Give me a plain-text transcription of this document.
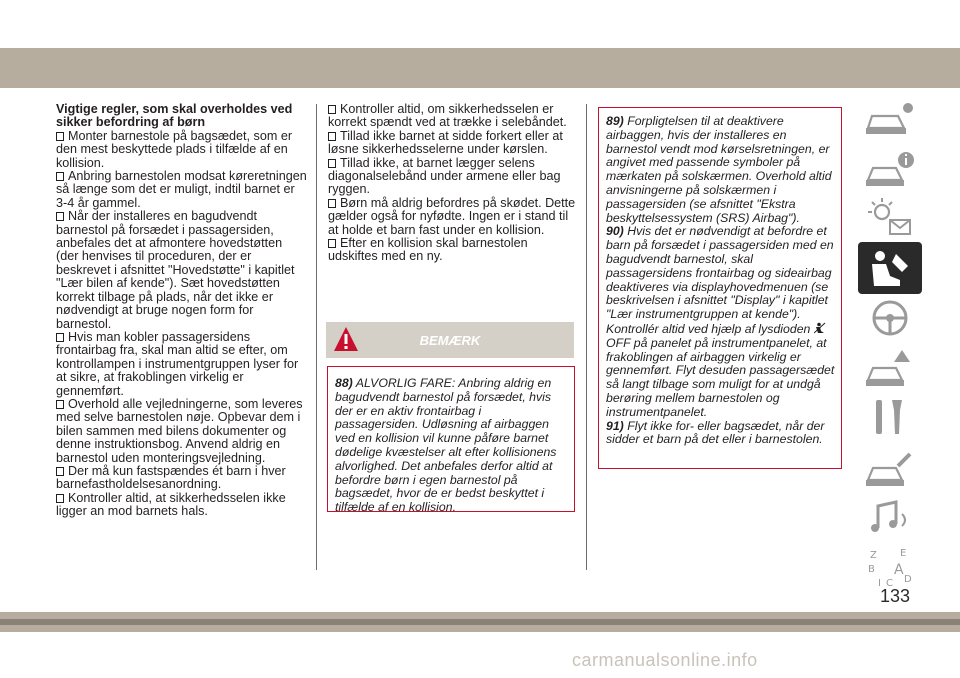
Vigtige regler, som skal overholdes ved sikker befordring af børn

Monter barnestole på bagsædet, som er den mest beskyttede plads i tilfælde af en kollision.

Anbring barnestolen modsat køreretningen så længe som det er muligt, indtil barnet er 3-4 år gammel.

Når der installeres en bagudvendt barnestol på forsædet i passagersiden, anbefales det at afmontere hovedstøtten (der henvises til proceduren, der er beskrevet i afsnittet "Hovedstøtte" i kapitlet "Lær bilen af kende"). Sæt hovedstøtten korrekt tilbage på plads, når det ikke er nødvendigt at bruge nogen form for barnestol.

Hvis man kobler passagersidens frontairbag fra, skal man altid se efter, om kontrollampen i instrumentgruppen lyser for at sikre, at frakoblingen virkelig er gennemført.

Overhold alle vejledningerne, som leveres med selve barnestolen nøje. Opbevar dem i bilen sammen med bilens dokumenter og denne instruktionsbog. Anvend aldrig en barnestol uden monteringsvejledning.

Der må kun fastspændes ét barn i hver barnefastholdelsesanordning.

Kontroller altid, at sikkerhedsselen ikke ligger an mod barnets hals.

Kontroller altid, om sikkerhedsselen er korrekt spændt ved at trække i selebåndet.

Tillad ikke barnet at sidde forkert eller at løsne sikkerhedsselerne under kørslen.

Tillad ikke, at barnet lægger selens diagonalselebånd under armene eller bag ryggen.

Børn må aldrig befordres på skødet. Dette gælder også for nyfødte. Ingen er i stand til at holde et barn fast under en kollision.

Efter en kollision skal barnestolen udskiftes med en ny.

BEMÆRK
88) ALVORLIG FARE: Anbring aldrig en bagudvendt barnestol på forsædet, hvis der er en aktiv frontairbag i passagersiden. Udløsning af airbaggen ved en kollision vil kunne påføre barnet dødelige kvæstelser alt efter kollisionens alvorlighed. Det anbefales derfor altid at befordre børn i egen barnestol på bagsædet, hvor de er bedst beskyttet i tilfælde af en kollision.
89) Forpligtelsen til at deaktivere airbaggen, hvis der installeres en barnestol vendt mod kørselsretningen, er angivet med passende symboler på mærkaten på solskærmen. Overhold altid anvisningerne på solskærmen i passagersiden (se afsnittet "Ekstra beskyttelsessystem (SRS) Airbag").
90) Hvis det er nødvendigt at befordre et barn på forsædet i passagersiden med en bagudvendt barnestol, skal passagersidens frontairbag og sideairbag deaktiveres via displayhovedmenuen (se beskrivelsen i afsnittet "Display" i kapitlet "Lær instrumentgruppen at kende"). Kontrollér altid ved hjælp af lysdioden  OFF på panelet på instrumentpanelet, at frakoblingen af airbaggen virkelig er gennemført. Flyt desuden passagersædet så langt tilbage som muligt for at undgå berøring mellem barnestolen og instrumentpanelet.
91) Flyt ikke for- eller bagsædet, når der sidder et barn på det eller i barnestolen.
Z E
B A
I C D
133
carmanualsonline.info
